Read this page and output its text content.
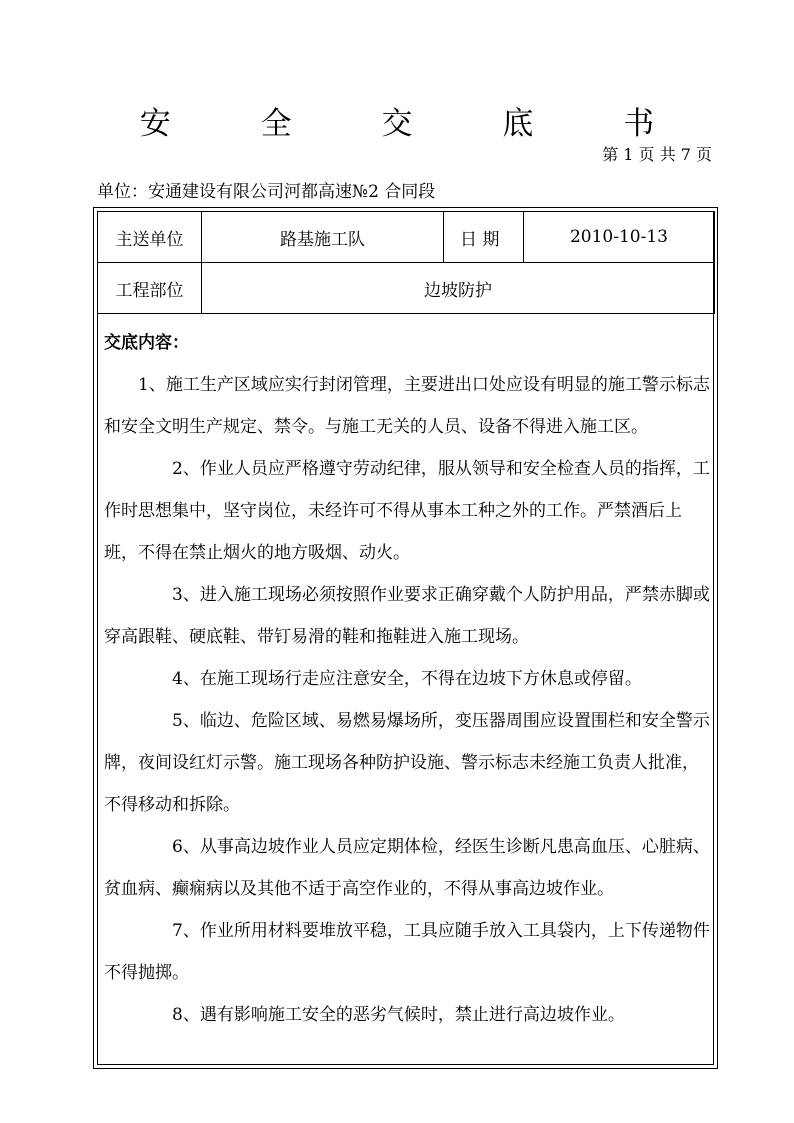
安 全 交 底 书
第 1 页 共 7 页
单位：安通建设有限公司河都高速№2 合同段
主送单位	路基施工队	日 期	2010-10-13
工程部位	边坡防护		
交底内容：

1、施工生产区域应实行封闭管理，主要进出口处应设有明显的施工警示标志和安全文明生产规定、禁令。与施工无关的人员、设备不得进入施工区。

2、作业人员应严格遵守劳动纪律，服从领导和安全检查人员的指挥，工作时思想集中，坚守岗位，未经许可不得从事本工种之外的工作。严禁酒后上班，不得在禁止烟火的地方吸烟、动火。

3、进入施工现场必须按照作业要求正确穿戴个人防护用品，严禁赤脚或穿高跟鞋、硬底鞋、带钉易滑的鞋和拖鞋进入施工现场。

4、在施工现场行走应注意安全，不得在边坡下方休息或停留。

5、临边、危险区域、易燃易爆场所，变压器周围应设置围栏和安全警示牌，夜间设红灯示警。施工现场各种防护设施、警示标志未经施工负责人批准，不得移动和拆除。

6、从事高边坡作业人员应定期体检，经医生诊断凡患高血压、心脏病、贫血病、癫痫病以及其他不适于高空作业的，不得从事高边坡作业。

7、作业所用材料要堆放平稳，工具应随手放入工具袋内，上下传递物件不得抛掷。

8、遇有影响施工安全的恶劣气候时，禁止进行高边坡作业。
